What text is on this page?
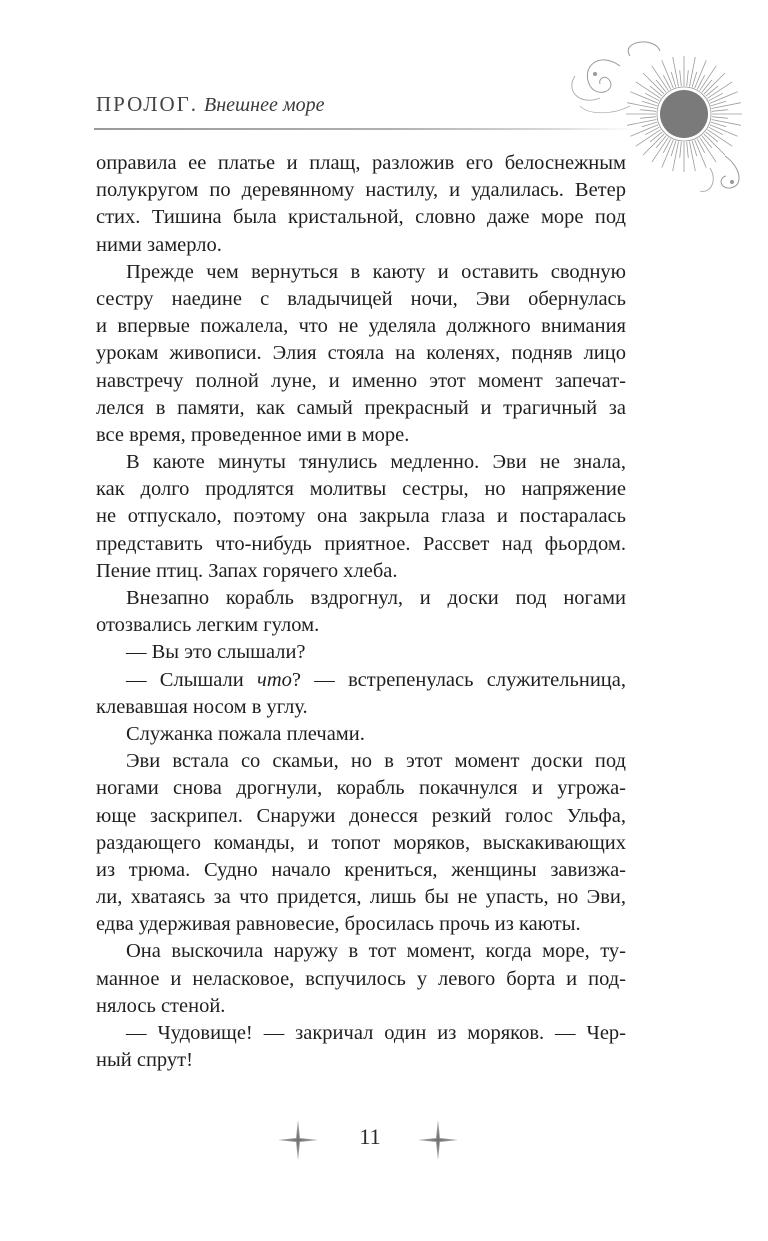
ПРОЛОГ . Внешнее море
оправила ее платье и плащ, разложив его белоснежным
полукругом по деревянному настилу, и удалилась. Ветер
стих. Тишина была кристальной, словно даже море под
ними замерло.
Прежде чем вернуться в каюту и оставить сводную
сестру наедине с владычицей ночи, Эви обернулась
и впервые пожалела, что не уделяла должного внимания
урокам живописи. Элия стояла на коленях, подняв лицо
навстречу полной луне, и именно этот момент запечат-
лелся в памяти, как самый прекрасный и трагичный за
все время, проведенное ими в море.
В каюте минуты тянулись медленно. Эви не знала,
как долго продлятся молитвы сестры, но напряжение
не отпускало, поэтому она закрыла глаза и постаралась
представить что-нибудь приятное. Рассвет над фьордом.
Пение птиц. Запах горячего хлеба.
Внезапно корабль вздрогнул, и доски под ногами
отозвались легким гулом.
— Вы это слышали?
— Слышали что? — встрепенулась служительница,
клевавшая носом в углу.
Служанка пожала плечами.
Эви встала со скамьи, но в этот момент доски под
ногами снова дрогнули, корабль покачнулся и угрожа-
юще заскрипел. Снаружи донесся резкий голос Ульфа,
раздающего команды, и топот моряков, выскакивающих
из трюма. Судно начало крениться, женщины завизжа-
ли, хватаясь за что придется, лишь бы не упасть, но Эви,
едва удерживая равновесие, бросилась прочь из каюты.
Она выскочила наружу в тот момент, когда море, ту-
манное и неласковое, вспучилось у левого борта и под-
нялось стеной.
— Чудовище! — закричал один из моряков. — Чер-
ный спрут!
11
